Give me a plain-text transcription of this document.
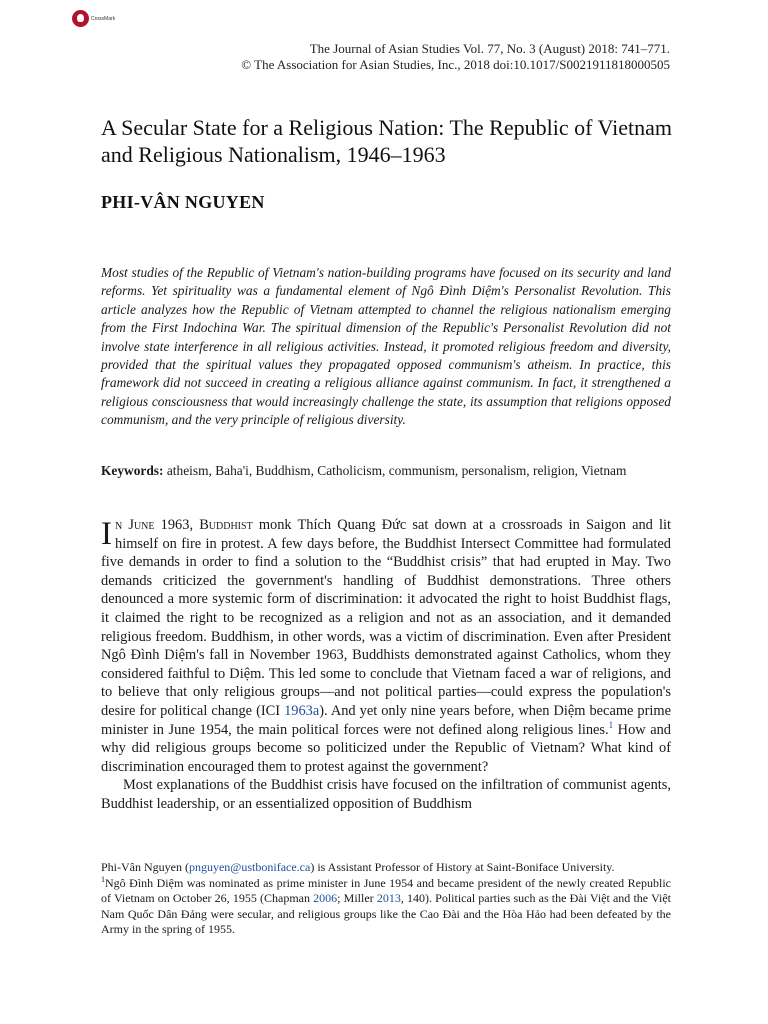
CrossMark
The Journal of Asian Studies Vol. 77, No. 3 (August) 2018: 741–771.
© The Association for Asian Studies, Inc., 2018 doi:10.1017/S0021911818000505
A Secular State for a Religious Nation: The Republic of Vietnam and Religious Nationalism, 1946–1963
PHI-VÂN NGUYEN

Most studies of the Republic of Vietnam's nation-building programs have focused on its security and land reforms. Yet spirituality was a fundamental element of Ngô Đình Diệm's Personalist Revolution. This article analyzes how the Republic of Vietnam attempted to channel the religious nationalism emerging from the First Indochina War. The spiritual dimension of the Republic's Personalist Revolution did not involve state interference in all religious activities. Instead, it promoted religious freedom and diversity, provided that the spiritual values they propagated opposed communism's atheism. In practice, this framework did not succeed in creating a religious alliance against communism. In fact, it strengthened a religious consciousness that would increasingly challenge the state, its assumption that religions opposed communism, and the very principle of religious diversity.

Keywords: atheism, Baha'i, Buddhism, Catholicism, communism, personalism, religion, Vietnam

In June 1963, Buddhist monk Thích Quang Đức sat down at a crossroads in Saigon and lit himself on fire in protest. A few days before, the Buddhist Intersect Committee had formulated five demands in order to find a solution to the “Buddhist crisis” that had erupted in May. Two demands criticized the government's handling of Buddhist demonstrations. Three others denounced a more systemic form of discrimination: it advocated the right to hoist Buddhist flags, it claimed the right to be recognized as a religion and not as an association, and it demanded religious freedom. Buddhism, in other words, was a victim of discrimination. Even after President Ngô Đình Diệm's fall in November 1963, Buddhists demonstrated against Catholics, whom they considered faithful to Diệm. This led some to conclude that Vietnam faced a war of religions, and to believe that only religious groups—and not political parties—could express the population's desire for political change (ICI 1963a). And yet only nine years before, when Diệm became prime minister in June 1954, the main political forces were not defined along religious lines.$^1$ How and why did religious groups become so politicized under the Republic of Vietnam? What kind of discrimination encouraged them to protest against the government?

Most explanations of the Buddhist crisis have focused on the infiltration of communist agents, Buddhist leadership, or an essentialized opposition of Buddhism

Phi-Vân Nguyen (pnguyen@ustboniface.ca) is Assistant Professor of History at Saint-Boniface University.

$^1$Ngô Đình Diệm was nominated as prime minister in June 1954 and became president of the newly created Republic of Vietnam on October 26, 1955 (Chapman 2006; Miller 2013, 140). Political parties such as the Đài Việt and the Việt Nam Quốc Dân Đảng were secular, and religious groups like the Cao Đài and the Hòa Hảo had been defeated by the Army in the spring of 1955.
